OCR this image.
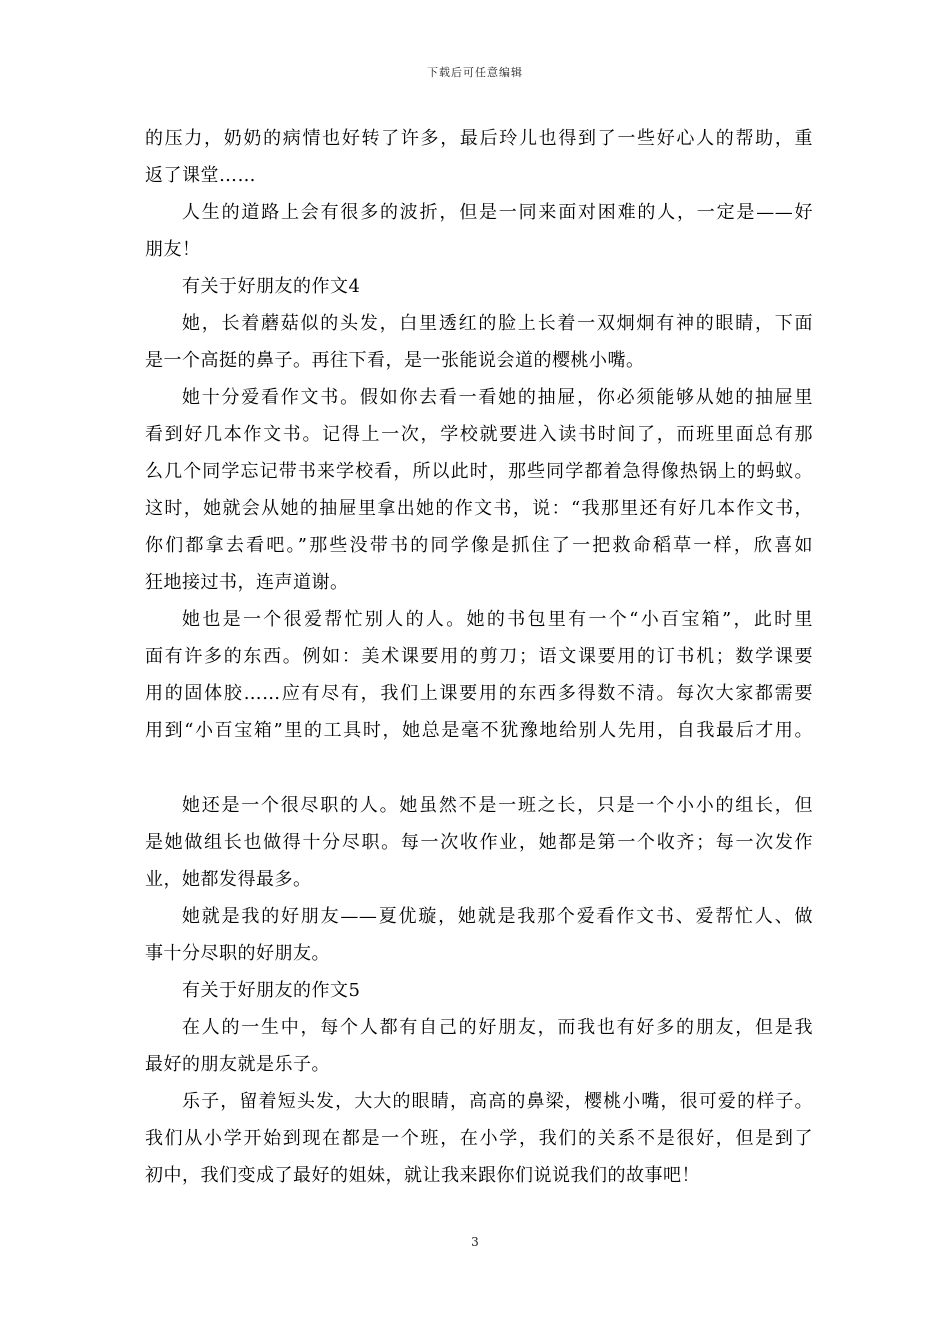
下载后可任意编辑
的压力，奶奶的病情也好转了许多，最后玲儿也得到了一些好心人的帮助，重
返了课堂……
人生的道路上会有很多的波折，但是一同来面对困难的人，一定是——好
朋友！
有关于好朋友的作文4
她，长着蘑菇似的头发，白里透红的脸上长着一双炯炯有神的眼睛，下面
是一个高挺的鼻子。再往下看，是一张能说会道的樱桃小嘴。
她十分爱看作文书。假如你去看一看她的抽屉，你必须能够从她的抽屉里
看到好几本作文书。记得上一次，学校就要进入读书时间了，而班里面总有那
么几个同学忘记带书来学校看，所以此时，那些同学都着急得像热锅上的蚂蚁。
这时，她就会从她的抽屉里拿出她的作文书，说：“我那里还有好几本作文书，
你们都拿去看吧。”那些没带书的同学像是抓住了一把救命稻草一样，欣喜如
狂地接过书，连声道谢。
她也是一个很爱帮忙别人的人。她的书包里有一个“小百宝箱”，此时里
面有许多的东西。例如：美术课要用的剪刀；语文课要用的订书机；数学课要
用的固体胶……应有尽有，我们上课要用的东西多得数不清。每次大家都需要
用到“小百宝箱”里的工具时，她总是毫不犹豫地给别人先用，自我最后才用。
她还是一个很尽职的人。她虽然不是一班之长，只是一个小小的组长，但
是她做组长也做得十分尽职。每一次收作业，她都是第一个收齐；每一次发作
业，她都发得最多。
她就是我的好朋友——夏优璇，她就是我那个爱看作文书、爱帮忙人、做
事十分尽职的好朋友。
有关于好朋友的作文5
在人的一生中，每个人都有自己的好朋友，而我也有好多的朋友，但是我
最好的朋友就是乐子。
乐子，留着短头发，大大的眼睛，高高的鼻梁，樱桃小嘴，很可爱的样子。
我们从小学开始到现在都是一个班，在小学，我们的关系不是很好，但是到了
初中，我们变成了最好的姐妹，就让我来跟你们说说我们的故事吧！
3
